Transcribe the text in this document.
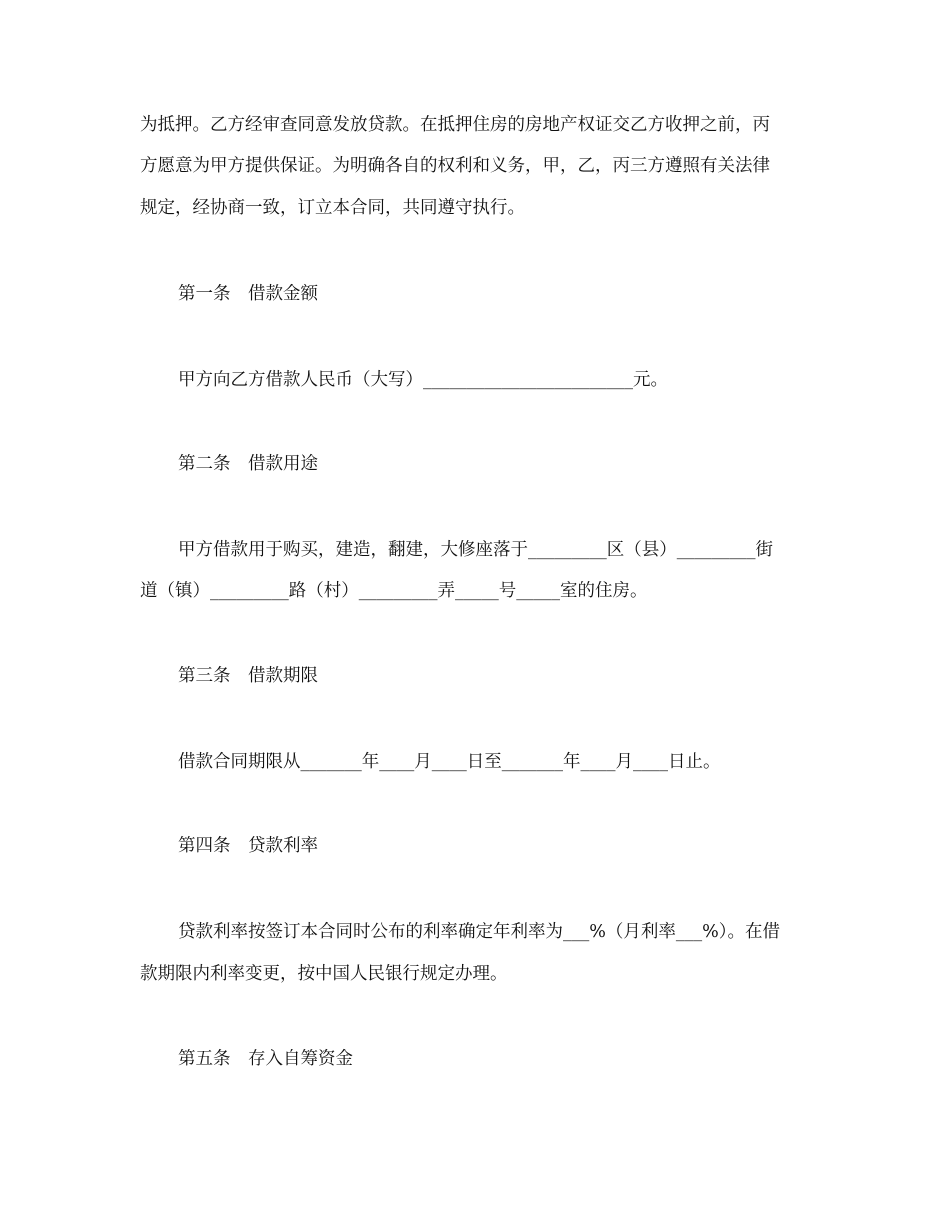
为抵押。乙方经审查同意发放贷款。在抵押住房的房地产权证交乙方收押之前，丙
方愿意为甲方提供保证。为明确各自的权利和义务，甲，乙，丙三方遵照有关法律
规定，经协商一致，订立本合同，共同遵守执行。
第一条　借款金额
甲方向乙方借款人民币（大写）________________________元。
第二条　借款用途
甲方借款用于购买，建造，翻建，大修座落于_________区（县）_________街
道（镇）_________路（村）_________弄_____号_____室的住房。
第三条　借款期限
借款合同期限从_______年____月____日至_______年____月____日止。
第四条　贷款利率
贷款利率按签订本合同时公布的利率确定年利率为___%（月利率___%）。在借
款期限内利率变更，按中国人民银行规定办理。
第五条　存入自筹资金
